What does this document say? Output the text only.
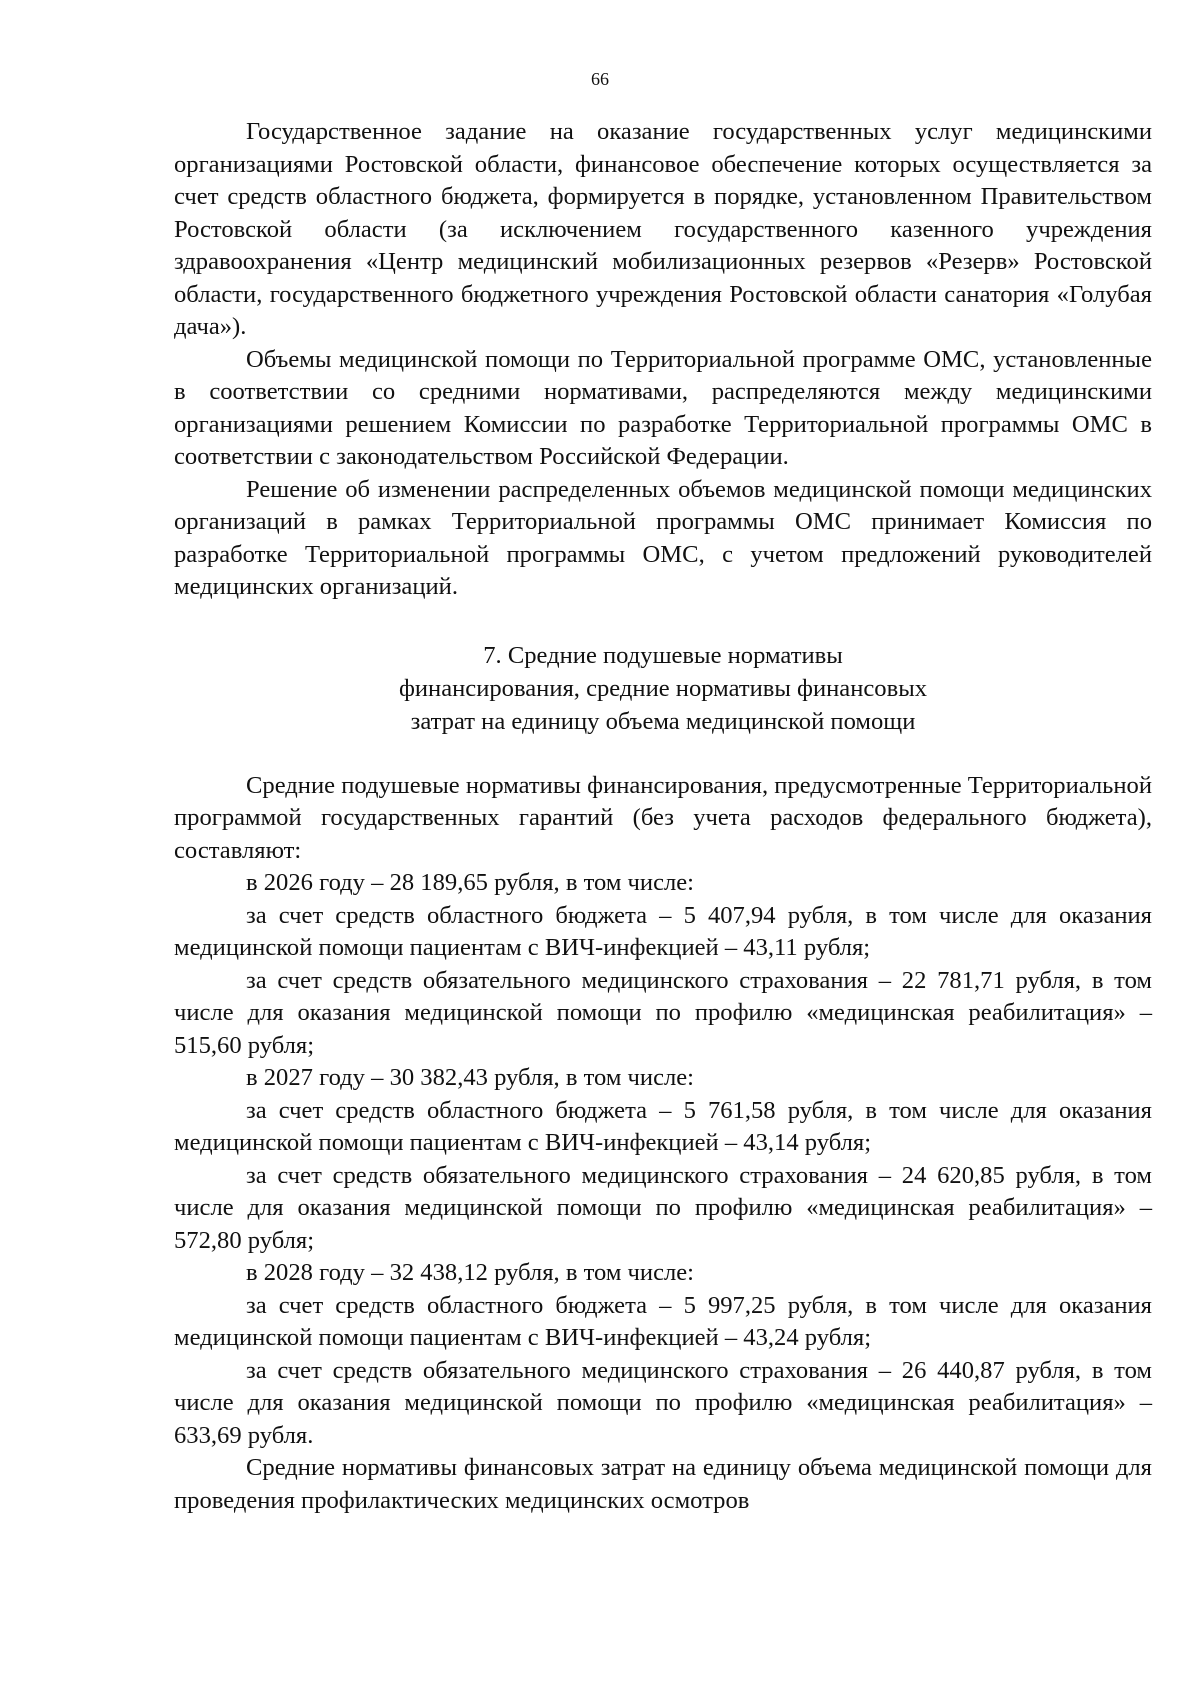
66

Государственное задание на оказание государственных услуг медицинскими организациями Ростовской области, финансовое обеспечение которых осуществляется за счет средств областного бюджета, формируется в порядке, установленном Правительством Ростовской области (за исключением государственного казенного учреждения здравоохранения «Центр медицинский мобилизационных резервов «Резерв» Ростовской области, государственного бюджетного учреждения Ростовской области санатория «Голубая дача»).

Объемы медицинской помощи по Территориальной программе ОМС, установленные в соответствии со средними нормативами, распределяются между медицинскими организациями решением Комиссии по разработке Территориальной программы ОМС в соответствии с законодательством Российской Федерации.

Решение об изменении распределенных объемов медицинской помощи медицинских организаций в рамках Территориальной программы ОМС принимает Комиссия по разработке Территориальной программы ОМС, с учетом предложений руководителей медицинских организаций.

7. Средние подушевые нормативы
финансирования, средние нормативы финансовых
затрат на единицу объема медицинской помощи

Средние подушевые нормативы финансирования, предусмотренные Территориальной программой государственных гарантий (без учета расходов федерального бюджета), составляют:

в 2026 году – 28 189,65 рубля, в том числе:

за счет средств областного бюджета – 5 407,94 рубля, в том числе для оказания медицинской помощи пациентам с ВИЧ-инфекцией – 43,11 рубля;

за счет средств обязательного медицинского страхования – 22 781,71 рубля, в том числе для оказания медицинской помощи по профилю «медицинская реабилитация» – 515,60 рубля;

в 2027 году – 30 382,43 рубля, в том числе:

за счет средств областного бюджета – 5 761,58 рубля, в том числе для оказания медицинской помощи пациентам с ВИЧ-инфекцией – 43,14 рубля;

за счет средств обязательного медицинского страхования – 24 620,85 рубля, в том числе для оказания медицинской помощи по профилю «медицинская реабилитация» – 572,80 рубля;

в 2028 году – 32 438,12 рубля, в том числе:

за счет средств областного бюджета – 5 997,25 рубля, в том числе для оказания медицинской помощи пациентам с ВИЧ-инфекцией – 43,24 рубля;

за счет средств обязательного медицинского страхования – 26 440,87 рубля, в том числе для оказания медицинской помощи по профилю «медицинская реабилитация» – 633,69 рубля.

Средние нормативы финансовых затрат на единицу объема медицинской помощи для проведения профилактических медицинских осмотров
